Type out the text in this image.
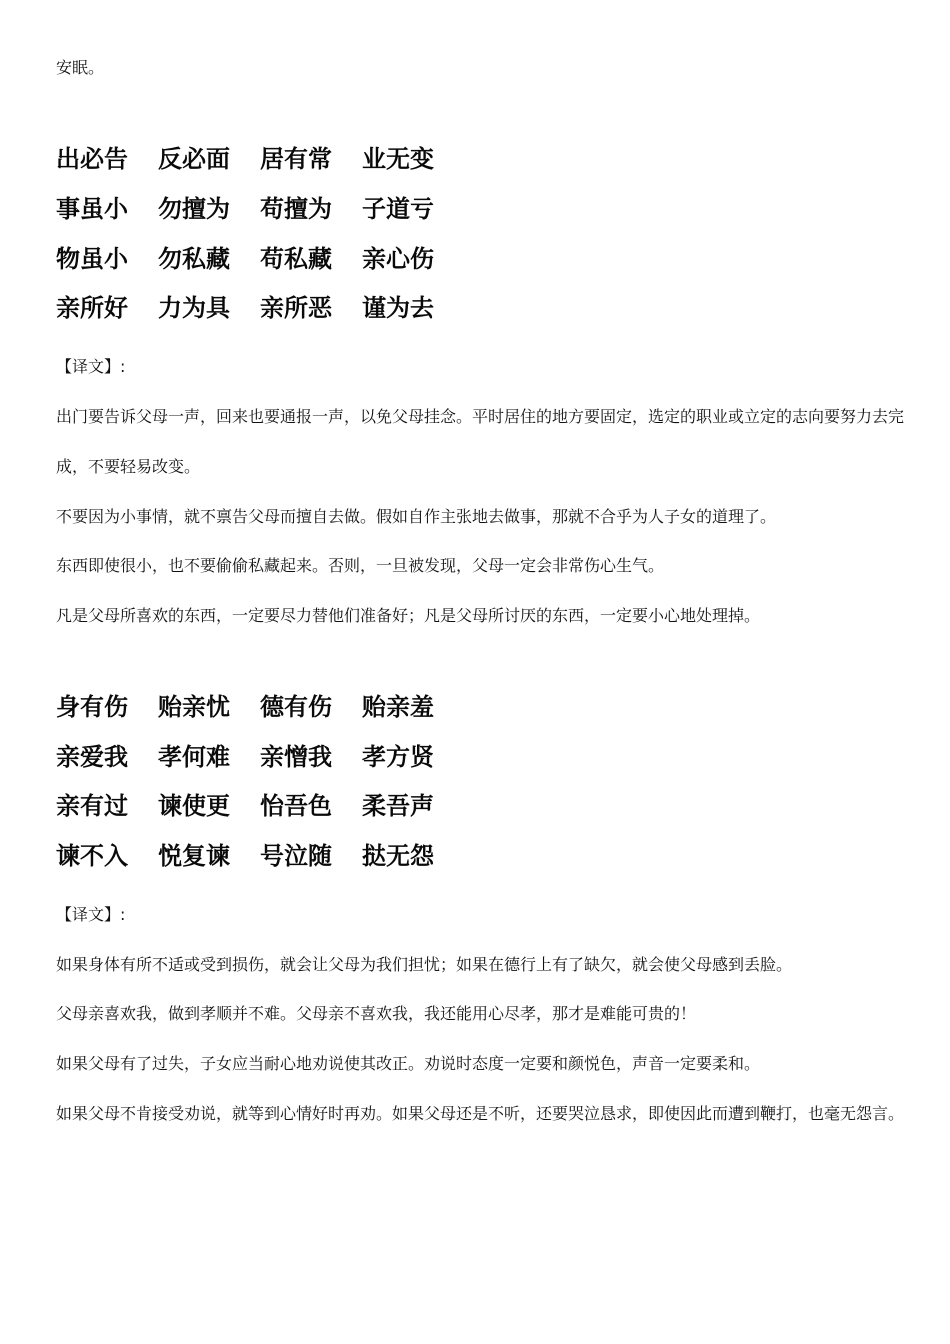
安眠。
出必告 反必面 居有常 业无变
事虽小 勿擅为 苟擅为 子道亏
物虽小 勿私藏 苟私藏 亲心伤
亲所好 力为具 亲所恶 谨为去
【译文】:
出门要告诉父母一声，回来也要通报一声，以免父母挂念。平时居住的地方要固定，选定的职业或立定的志向要努力去完成，不要轻易改变。
不要因为小事情，就不禀告父母而擅自去做。假如自作主张地去做事，那就不合乎为人子女的道理了。
东西即使很小，也不要偷偷私藏起来。否则，一旦被发现，父母一定会非常伤心生气。
凡是父母所喜欢的东西，一定要尽力替他们准备好；凡是父母所讨厌的东西，一定要小心地处理掉。
身有伤 贻亲忧 德有伤 贻亲羞
亲爱我 孝何难 亲憎我 孝方贤
亲有过 谏使更 怡吾色 柔吾声
谏不入 悦复谏 号泣随 挞无怨
【译文】:
如果身体有所不适或受到损伤，就会让父母为我们担忧；如果在德行上有了缺欠，就会使父母感到丢脸。
父母亲喜欢我，做到孝顺并不难。父母亲不喜欢我，我还能用心尽孝，那才是难能可贵的！
如果父母有了过失，子女应当耐心地劝说使其改正。劝说时态度一定要和颜悦色，声音一定要柔和。
如果父母不肯接受劝说，就等到心情好时再劝。如果父母还是不听，还要哭泣恳求，即使因此而遭到鞭打，也毫无怨言。
